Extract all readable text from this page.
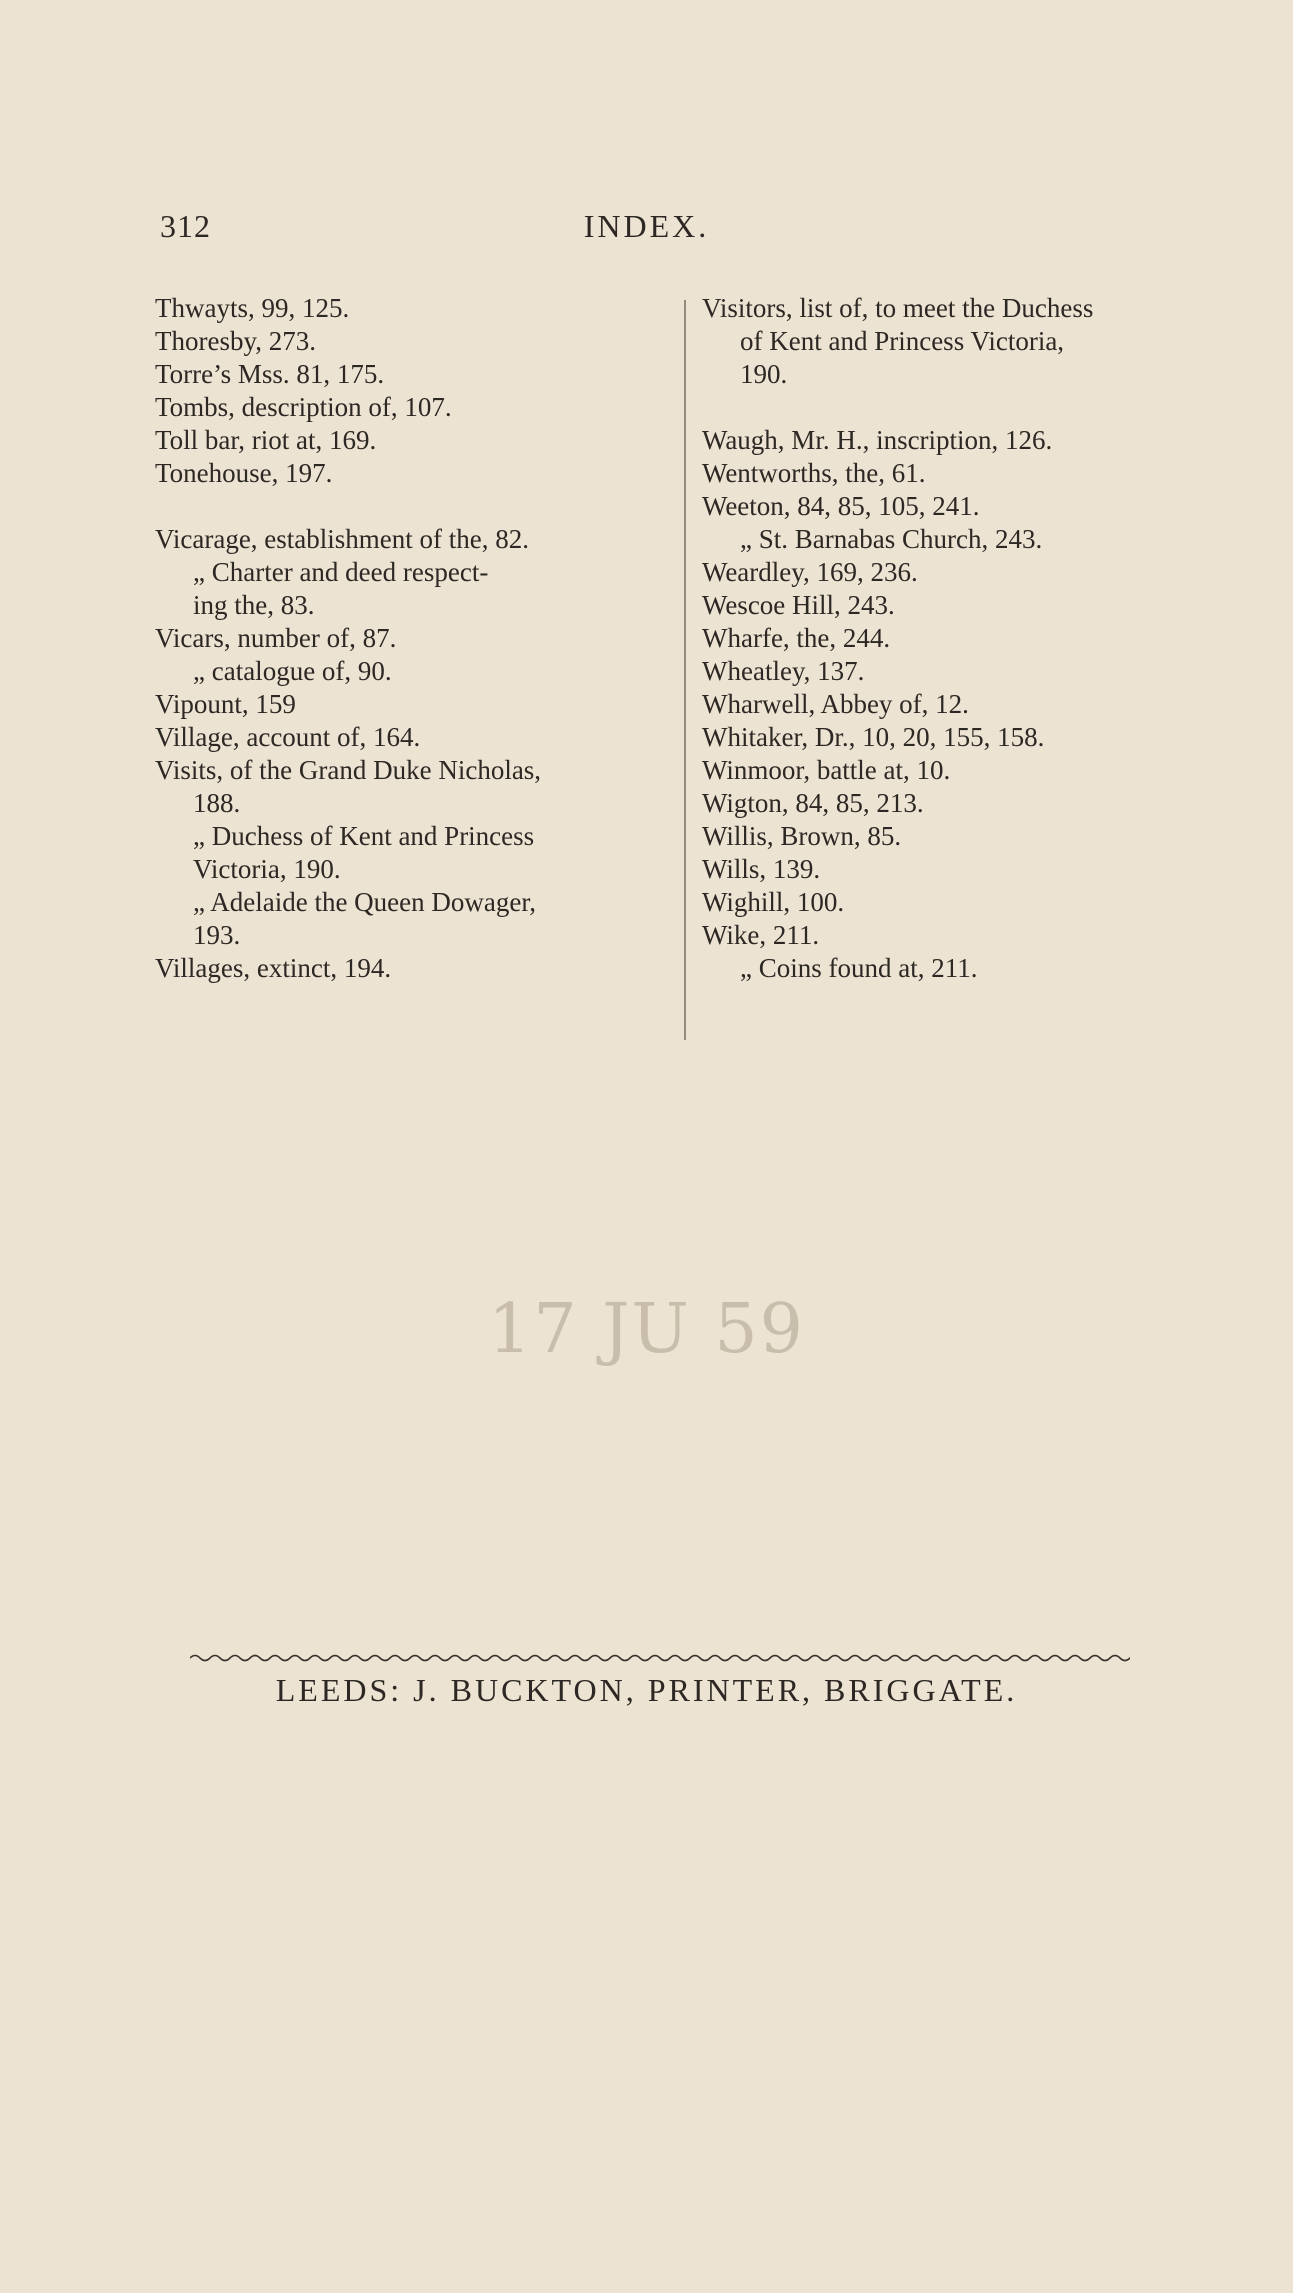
312	INDEX.
Thwayts, 99, 125.
Thoresby, 273.
Torre’s Mss. 81, 175.
Tombs, description of, 107.
Toll bar, riot at, 169.
Tonehouse, 197.
Vicarage, establishment of the, 82.
„ Charter and deed respect-
ing the, 83.
Vicars, number of, 87.
„ catalogue of, 90.
Vipount, 159
Village, account of, 164.
Visits, of the Grand Duke Nicholas,
188.
„ Duchess of Kent and Princess
Victoria, 190.
„ Adelaide the Queen Dowager,
193.
Villages, extinct, 194.
Visitors, list of, to meet the Duchess
of Kent and Princess Victoria,
190.
Waugh, Mr. H., inscription, 126.
Wentworths, the, 61.
Weeton, 84, 85, 105, 241.
„ St. Barnabas Church, 243.
Weardley, 169, 236.
Wescoe Hill, 243.
Wharfe, the, 244.
Wheatley, 137.
Wharwell, Abbey of, 12.
Whitaker, Dr., 10, 20, 155, 158.
Winmoor, battle at, 10.
Wigton, 84, 85, 213.
Willis, Brown, 85.
Wills, 139.
Wighill, 100.
Wike, 211.
„ Coins found at, 211.
17 JU 59
LEEDS: J. BUCKTON, PRINTER, BRIGGATE.
